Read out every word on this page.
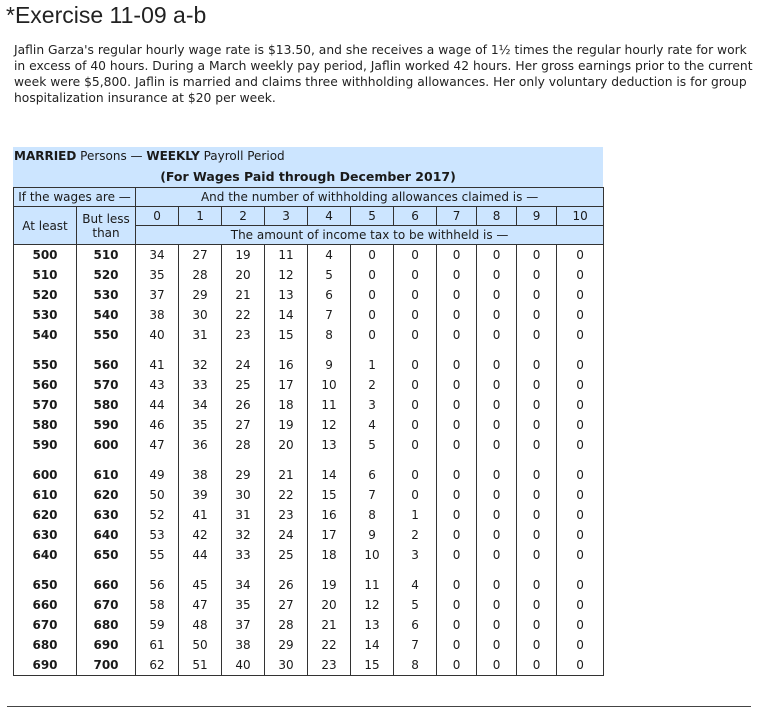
*Exercise 11-09 a-b
Jaflin Garza's regular hourly wage rate is $13.50, and she receives a wage of 1½ times the regular hourly rate for work in excess of 40 hours. During a March weekly pay period, Jaflin worked 42 hours. Her gross earnings prior to the current week were $5,800. Jaflin is married and claims three withholding allowances. Her only voluntary deduction is for group hospitalization insurance at $20 per week.
MARRIED Persons — WEEKLY Payroll Period
(For Wages Paid through December 2017)
If the wages are —		And the number of withholding allowances claimed is —										
At least	But less than	0	1	2	3	4	5	6	7	8	9	10
		The amount of income tax to be withheld is —										
500	510	34	27	19	11	4	0	0	0	0	0	0
510	520	35	28	20	12	5	0	0	0	0	0	0
520	530	37	29	21	13	6	0	0	0	0	0	0
530	540	38	30	22	14	7	0	0	0	0	0	0
540	550	40	31	23	15	8	0	0	0	0	0	0
550	560	41	32	24	16	9	1	0	0	0	0	0
560	570	43	33	25	17	10	2	0	0	0	0	0
570	580	44	34	26	18	11	3	0	0	0	0	0
580	590	46	35	27	19	12	4	0	0	0	0	0
590	600	47	36	28	20	13	5	0	0	0	0	0
600	610	49	38	29	21	14	6	0	0	0	0	0
610	620	50	39	30	22	15	7	0	0	0	0	0
620	630	52	41	31	23	16	8	1	0	0	0	0
630	640	53	42	32	24	17	9	2	0	0	0	0
640	650	55	44	33	25	18	10	3	0	0	0	0
650	660	56	45	34	26	19	11	4	0	0	0	0
660	670	58	47	35	27	20	12	5	0	0	0	0
670	680	59	48	37	28	21	13	6	0	0	0	0
680	690	61	50	38	29	22	14	7	0	0	0	0
690	700	62	51	40	30	23	15	8	0	0	0	0
